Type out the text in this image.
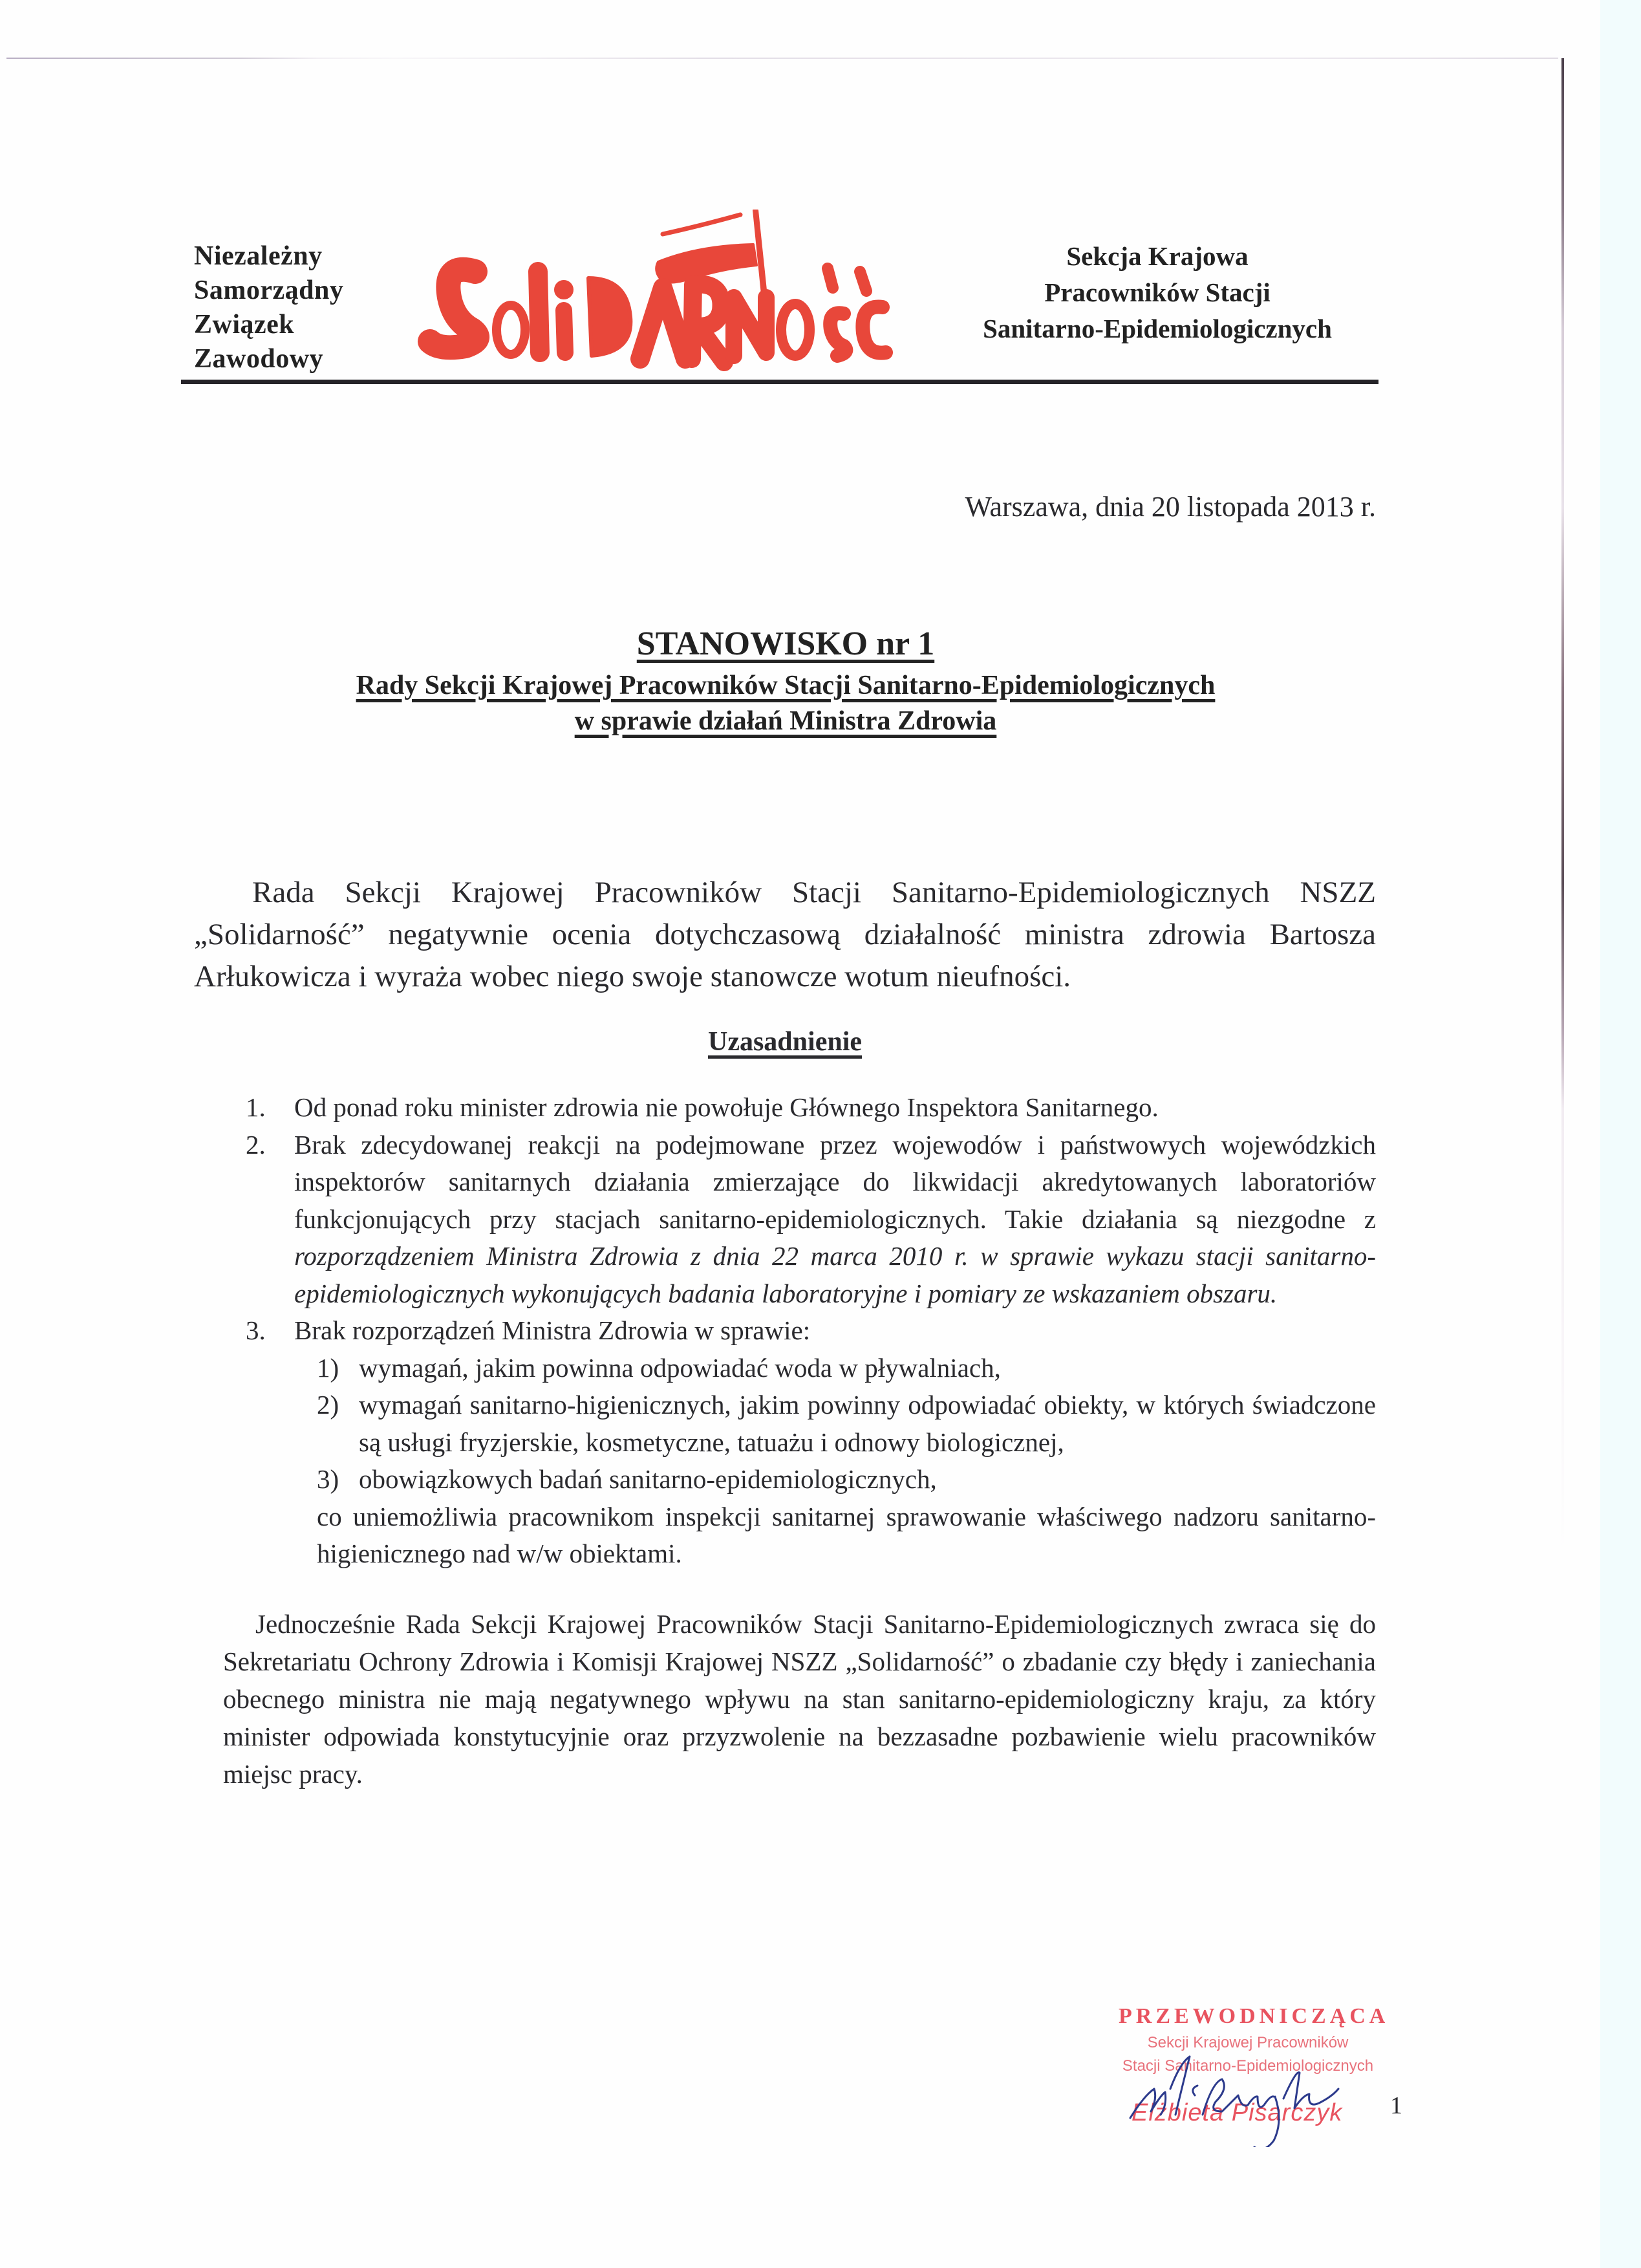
Niezależny
Samorządny
Związek
Zawodowy
Sekcja Krajowa
Pracowników Stacji
Sanitarno-Epidemiologicznych
Warszawa, dnia 20 listopada 2013 r.
STANOWISKO nr 1
Rady Sekcji Krajowej Pracowników Stacji Sanitarno-Epidemiologicznych
w sprawie działań Ministra Zdrowia

Rada Sekcji Krajowej Pracowników Stacji Sanitarno-Epidemiologicznych NSZZ „Solidarność” negatywnie ocenia dotychczasową działalność ministra zdrowia Bartosza Arłukowicza i wyraża wobec niego swoje stanowcze wotum nieufności.

Uzasadnienie
1. Od ponad roku minister zdrowia nie powołuje Głównego Inspektora Sanitarnego.
2. Brak zdecydowanej reakcji na podejmowane przez wojewodów i państwowych wojewódzkich inspektorów sanitarnych działania zmierzające do likwidacji akredytowanych laboratoriów funkcjonujących przy stacjach sanitarno-epidemiologicznych. Takie działania są niezgodne z rozporządzeniem Ministra Zdrowia z dnia 22 marca 2010 r. w sprawie wykazu stacji sanitarno-epidemiologicznych wykonujących badania laboratoryjne i pomiary ze wskazaniem obszaru.
3. Brak rozporządzeń Ministra Zdrowia w sprawie:
1) wymagań, jakim powinna odpowiadać woda w pływalniach,
2) wymagań sanitarno-higienicznych, jakim powinny odpowiadać obiekty, w których świadczone są usługi fryzjerskie, kosmetyczne, tatuażu i odnowy biologicznej,
3) obowiązkowych badań sanitarno-epidemiologicznych,
co uniemożliwia pracownikom inspekcji sanitarnej sprawowanie właściwego nadzoru sanitarno-higienicznego nad w/w obiektami.

Jednocześnie Rada Sekcji Krajowej Pracowników Stacji Sanitarno-Epidemiologicznych zwraca się do Sekretariatu Ochrony Zdrowia i Komisji Krajowej NSZZ „Solidarność” o zbadanie czy błędy i zaniechania obecnego ministra nie mają negatywnego wpływu na stan sanitarno-epidemiologiczny kraju, za który minister odpowiada konstytucyjnie oraz przyzwolenie na bezzasadne pozbawienie wielu pracowników miejsc pracy.

PRZEWODNICZĄCA
Sekcji Krajowej Pracowników
Stacji Sanitarno-Epidemiologicznych
Elżbieta Pisarczyk 1
